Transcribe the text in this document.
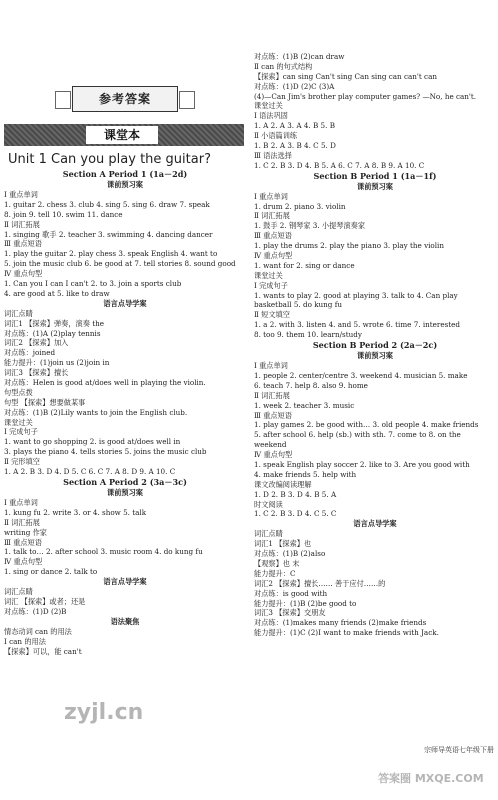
参考答案
课堂本
Unit 1 Can you play the guitar?
Section A Period 1 (1a－2d)
课前预习案
Ⅰ 重点单词
1. guitar 2. chess 3. club 4. sing 5. sing 6. draw 7. speak
8. join 9. tell 10. swim 11. dance
Ⅱ 词汇拓展
1. singing 歌手 2. teacher 3. swimming 4. dancing dancer
Ⅲ 重点短语
1. play the guitar 2. play chess 3. speak English 4. want to
5. join the music club 6. be good at 7. tell stories 8. sound good
Ⅳ 重点句型
1. Can you I can I can't 2. to 3. join a sports club
4. are good at 5. like to draw
语言点导学案
词汇点睛
词汇1 【探索】弹奏，演奏 the
对点练：(1)A (2)play tennis
词汇2 【探索】加入
对点练：joined
能力提升：(1)join us (2)join in
词汇3 【探索】擅长
对点练：Helen is good at/does well in playing the violin.
句型点拨
句型 【探索】想要做某事
对点练：(1)B (2)Lily wants to join the English club.
课堂过关
Ⅰ 完成句子
1. want to go shopping 2. is good at/does well in
3. plays the piano 4. tells stories 5. joins the music club
Ⅱ 完形填空
1. A 2. B 3. D 4. D 5. C 6. C 7. A 8. D 9. A 10. C
Section A Period 2 (3a－3c)
课前预习案
Ⅰ 重点单词
1. kung fu 2. write 3. or 4. show 5. talk
Ⅱ 词汇拓展
writing 作家
Ⅲ 重点短语
1. talk to… 2. after school 3. music room 4. do kung fu
Ⅳ 重点句型
1. sing or dance 2. talk to
语言点导学案
词汇点睛
词汇 【探索】或者；还是
对点练：(1)D (2)B
语法聚焦
情态动词 can 的用法
Ⅰ can 的用法
【探索】可以，能 can't
对点练：(1)B (2)can draw
Ⅱ can 的句式结构
【探索】can sing Can't sing Can sing can can't can
对点练：(1)D (2)C (3)A
(4)—Can Jim's brother play computer games? —No, he can't.
课堂过关
Ⅰ 语法巩固
1. A 2. A 3. A 4. B 5. B
Ⅱ 小语篇训练
1. B 2. A 3. B 4. C 5. D
Ⅲ 语法选择
1. C 2. B 3. D 4. B 5. A 6. C 7. A 8. B 9. A 10. C
Section B Period 1 (1a－1f)
课前预习案
Ⅰ 重点单词
1. drum 2. piano 3. violin
Ⅱ 词汇拓展
1. 鼓手 2. 钢琴家 3. 小提琴演奏家
Ⅲ 重点短语
1. play the drums 2. play the piano 3. play the violin
Ⅳ 重点句型
1. want for 2. sing or dance
课堂过关
Ⅰ 完成句子
1. wants to play 2. good at playing 3. talk to 4. Can play
basketball 5. do kung fu
Ⅱ 短文填空
1. a 2. with 3. listen 4. and 5. wrote 6. time 7. interested
8. too 9. them 10. learn/study
Section B Period 2 (2a－2c)
课前预习案
Ⅰ 重点单词
1. people 2. center/centre 3. weekend 4. musician 5. make
6. teach 7. help 8. also 9. home
Ⅱ 词汇拓展
1. week 2. teacher 3. music
Ⅲ 重点短语
1. play games 2. be good with… 3. old people 4. make friends
5. after school 6. help (sb.) with sth. 7. come to 8. on the
weekend
Ⅳ 重点句型
1. speak English play soccer 2. like to 3. Are you good with
4. make friends 5. help with
课文改编阅读理解
1. D 2. B 3. D 4. B 5. A
时文阅读
1. C 2. B 3. D 4. C 5. C
语言点导学案
词汇点睛
词汇1 【探索】也
对点练：(1)B (2)also
【观察】也 末
能力提升：C
词汇2 【探索】擅长…… 善于应付……的
对点练：is good with
能力提升：(1)B (2)be good to
词汇3 【探索】交朋友
对点练：(1)makes many friends (2)make friends
能力提升：(1)C (2)I want to make friends with Jack.
宗师导英语七年级下册
zyjl.cn
答案圈 MXQE.COM
